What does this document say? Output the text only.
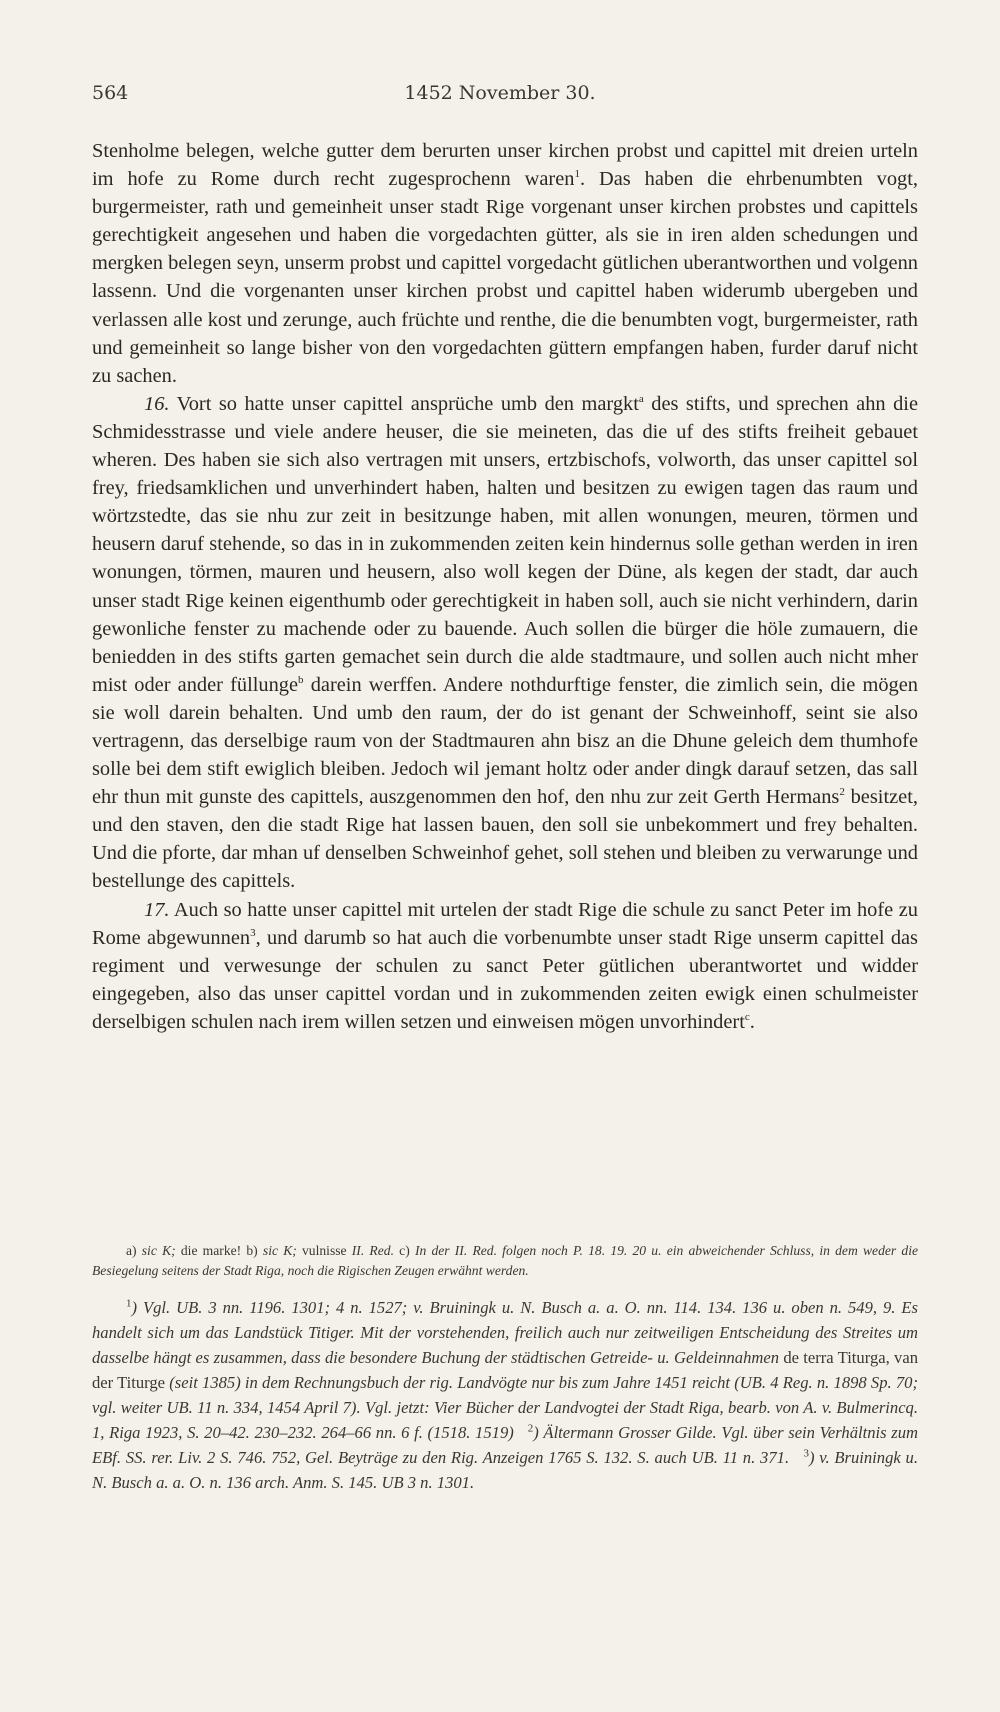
564	1452 November 30.

Stenholme belegen, welche gutter dem berurten unser kirchen probst und capittel mit dreien urteln im hofe zu Rome durch recht zugesprochenn waren$^1$. Das haben die ehrbenumbten vogt, burgermeister, rath und gemeinheit unser stadt Rige vorgenant unser kirchen probstes und capittels gerechtigkeit angesehen und haben die vorgedachten gütter, als sie in iren alden schedungen und mergken belegen seyn, unserm probst und capittel vorgedacht gütlichen uberantworthen und volgenn lassenn. Und die vorgenanten unser kirchen probst und capittel haben widerumb ubergeben und verlassen alle kost und zerunge, auch früchte und renthe, die die benumbten vogt, burgermeister, rath und gemeinheit so lange bisher von den vorgedachten güttern empfangen haben, furder daruf nicht zu sachen.

16. Vort so hatte unser capittel ansprüche umb den margkt$^a$ des stifts, und sprechen ahn die Schmidesstrasse und viele andere heuser, die sie meineten, das die uf des stifts freiheit gebauet wheren. Des haben sie sich also vertragen mit unsers, ertzbischofs, volworth, das unser capittel sol frey, friedsamklichen und unverhindert haben, halten und besitzen zu ewigen tagen das raum und wörtzstedte, das sie nhu zur zeit in besitzunge haben, mit allen wonungen, meuren, törmen und heusern daruf stehende, so das in in zukommenden zeiten kein hindernus solle gethan werden in iren wonungen, törmen, mauren und heusern, also woll kegen der Düne, als kegen der stadt, dar auch unser stadt Rige keinen eigenthumb oder gerechtigkeit in haben soll, auch sie nicht verhindern, darin gewonliche fenster zu machende oder zu bauende. Auch sollen die bürger die höle zumauern, die beniedden in des stifts garten gemachet sein durch die alde stadtmaure, und sollen auch nicht mher mist oder ander füllunge$^b$ darein werffen. Andere nothdurftige fenster, die zimlich sein, die mögen sie woll darein behalten. Und umb den raum, der do ist genant der Schweinhoff, seint sie also vertragenn, das derselbige raum von der Stadtmauren ahn bisz an die Dhune geleich dem thumhofe solle bei dem stift ewiglich bleiben. Jedoch wil jemant holtz oder ander dingk darauf setzen, das sall ehr thun mit gunste des capittels, auszgenommen den hof, den nhu zur zeit Gerth Hermans$^2$ besitzet, und den staven, den die stadt Rige hat lassen bauen, den soll sie unbekommert und frey behalten. Und die pforte, dar mhan uf denselben Schweinhof gehet, soll stehen und bleiben zu verwarunge und bestellunge des capittels.

17. Auch so hatte unser capittel mit urtelen der stadt Rige die schule zu sanct Peter im hofe zu Rome abgewunnen$^3$, und darumb so hat auch die vorbenumbte unser stadt Rige unserm capittel das regiment und verwesunge der schulen zu sanct Peter gütlichen uberantwortet und widder eingegeben, also das unser capittel vordan und in zukommenden zeiten ewigk einen schulmeister derselbigen schulen nach irem willen setzen und einweisen mögen unvorhindert$^c$.

a) sic K; die marke! b) sic K; vulnisse II. Red. c) In der II. Red. folgen noch P. 18. 19. 20 u. ein abweichender Schluss, in dem weder die Besiegelung seitens der Stadt Riga, noch die Rigischen Zeugen erwähnt werden.

$^1$) Vgl. UB. 3 nn. 1196. 1301; 4 n. 1527; v. Bruiningk u. N. Busch a. a. O. nn. 114. 134. 136 u. oben n. 549, 9. Es handelt sich um das Landstück Titiger. Mit der vorstehenden, freilich auch nur zeitweiligen Entscheidung des Streites um dasselbe hängt es zusammen, dass die besondere Buchung der städtischen Getreide- u. Geldeinnahmen de terra Titurga, van der Titurge (seit 1385) in dem Rechnungsbuch der rig. Landvögte nur bis zum Jahre 1451 reicht (UB. 4 Reg. n. 1898 Sp. 70; vgl. weiter UB. 11 n. 334, 1454 April 7). Vgl. jetzt: Vier Bücher der Landvogtei der Stadt Riga, bearb. von A. v. Bulmerincq. 1, Riga 1923, S. 20–42. 230–232. 264–66 nn. 6 f. (1518. 1519) $^2$) Ältermann Grosser Gilde. Vgl. über sein Verhältnis zum EBf. SS. rer. Liv. 2 S. 746. 752, Gel. Beyträge zu den Rig. Anzeigen 1765 S. 132. S. auch UB. 11 n. 371. $^3$) v. Bruiningk u. N. Busch a. a. O. n. 136 arch. Anm. S. 145. UB 3 n. 1301.
